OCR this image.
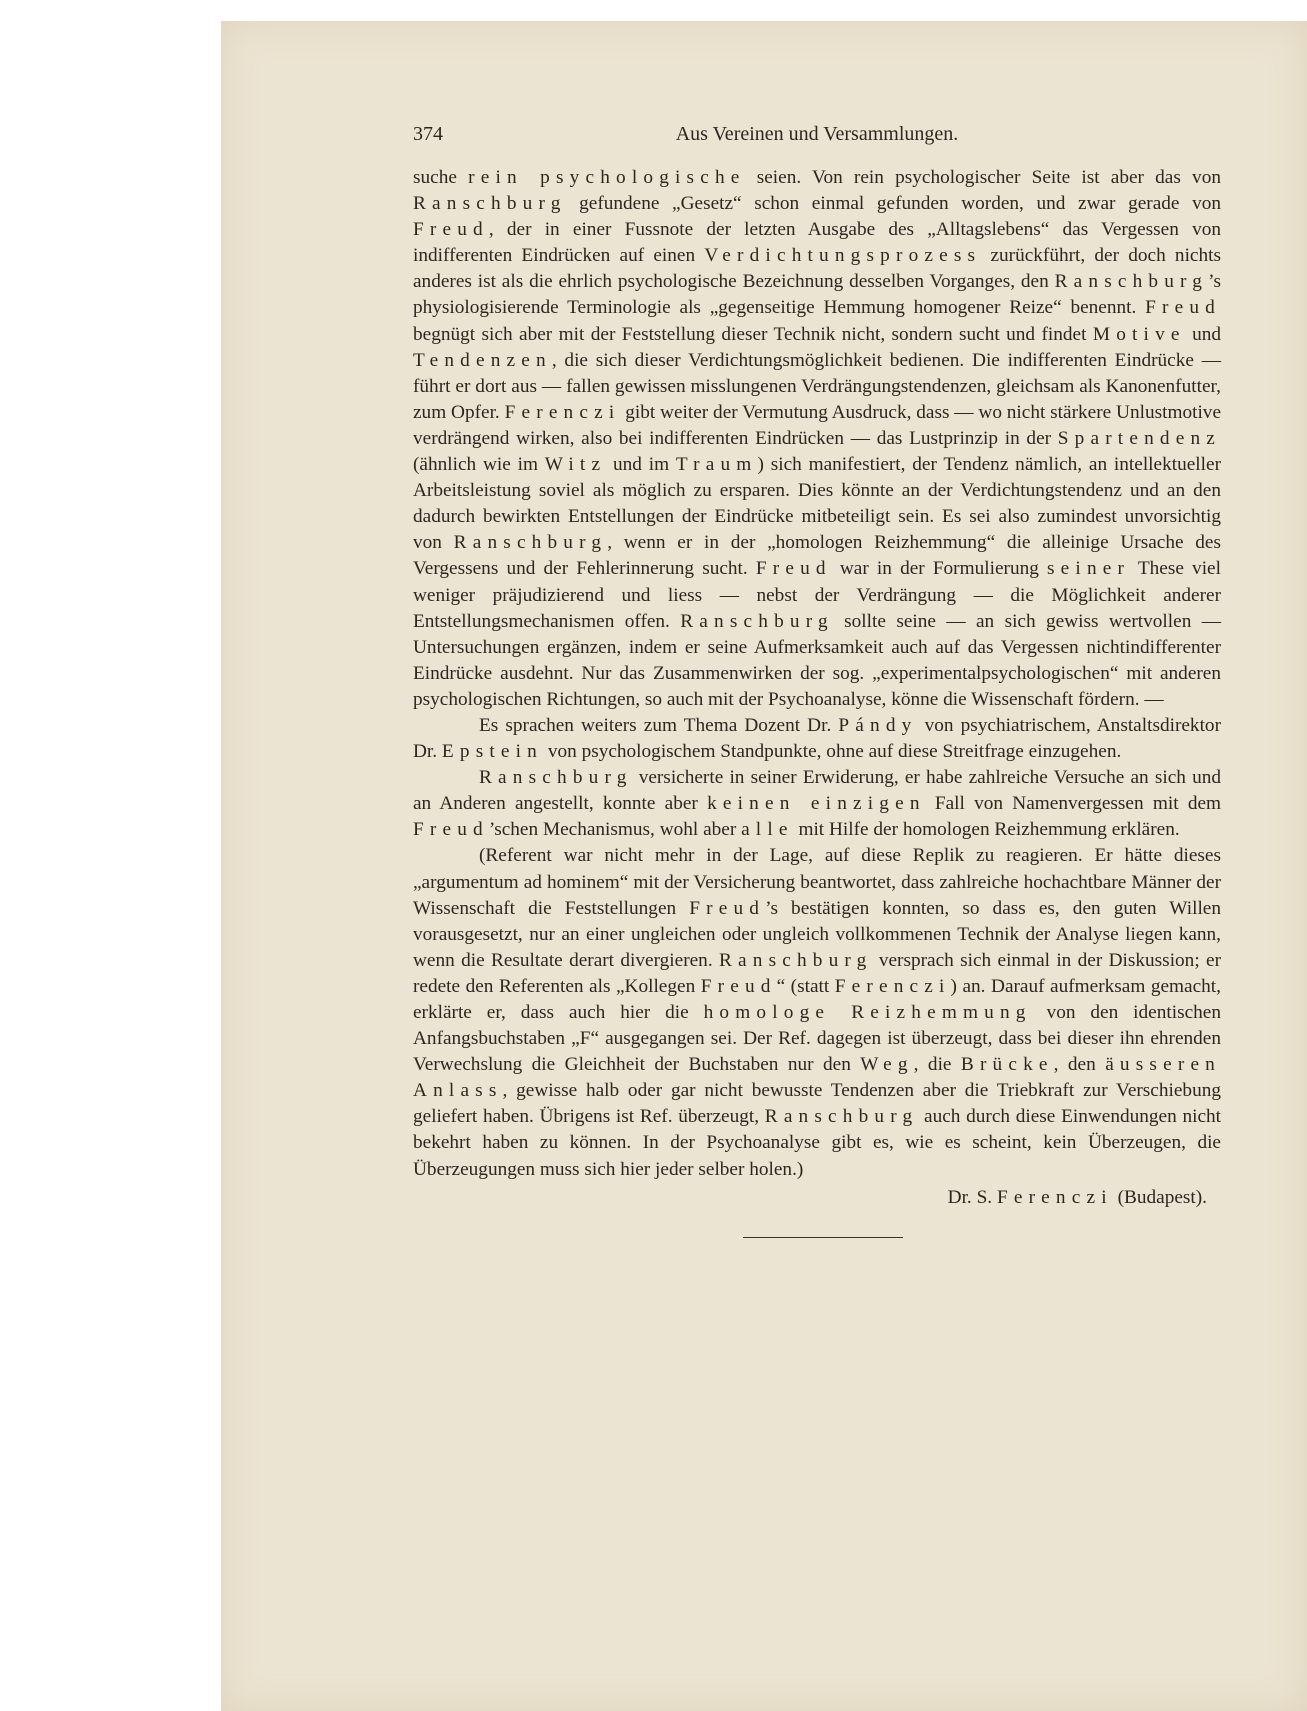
374	Aus Vereinen und Versammlungen.

suche rein psychologische seien. Von rein psychologischer Seite ist aber das von Ranschburg gefundene „Gesetz“ schon einmal gefunden worden, und zwar gerade von Freud, der in einer Fussnote der letzten Ausgabe des „Alltagslebens“ das Vergessen von indifferenten Eindrücken auf einen Verdichtungsprozess zurückführt, der doch nichts anderes ist als die ehrlich psychologische Bezeichnung desselben Vorganges, den Ranschburg’s physiologisierende Terminologie als „gegenseitige Hemmung homogener Reize“ benennt. Freud begnügt sich aber mit der Feststellung dieser Technik nicht, sondern sucht und findet Motive und Tendenzen, die sich dieser Verdichtungsmöglichkeit bedienen. Die indifferenten Eindrücke — führt er dort aus — fallen gewissen misslungenen Verdrängungstendenzen, gleichsam als Kanonenfutter, zum Opfer. Ferenczi gibt weiter der Vermutung Ausdruck, dass — wo nicht stärkere Unlustmotive verdrängend wirken, also bei indifferenten Eindrücken — das Lustprinzip in der Spartendenz (ähnlich wie im Witz und im Traum) sich manifestiert, der Tendenz nämlich, an intellektueller Arbeitsleistung soviel als möglich zu ersparen. Dies könnte an der Verdichtungstendenz und an den dadurch bewirkten Entstellungen der Eindrücke mitbeteiligt sein. Es sei also zumindest unvorsichtig von Ranschburg, wenn er in der „homologen Reizhemmung“ die alleinige Ursache des Vergessens und der Fehlerinnerung sucht. Freud war in der Formulierung seiner These viel weniger präjudizierend und liess — nebst der Verdrängung — die Möglichkeit anderer Entstellungsmechanismen offen. Ranschburg sollte seine — an sich gewiss wertvollen — Untersuchungen ergänzen, indem er seine Aufmerksamkeit auch auf das Vergessen nichtindifferenter Eindrücke ausdehnt. Nur das Zusammenwirken der sog. „experimentalpsychologischen“ mit anderen psychologischen Richtungen, so auch mit der Psychoanalyse, könne die Wissenschaft fördern. —

Es sprachen weiters zum Thema Dozent Dr. Pándy von psychiatrischem, Anstaltsdirektor Dr. Epstein von psychologischem Standpunkte, ohne auf diese Streitfrage einzugehen.

Ranschburg versicherte in seiner Erwiderung, er habe zahlreiche Versuche an sich und an Anderen angestellt, konnte aber keinen einzigen Fall von Namenvergessen mit dem Freud’schen Mechanismus, wohl aber alle mit Hilfe der homologen Reizhemmung erklären.

(Referent war nicht mehr in der Lage, auf diese Replik zu reagieren. Er hätte dieses „argumentum ad hominem“ mit der Versicherung beantwortet, dass zahlreiche hochachtbare Männer der Wissenschaft die Feststellungen Freud’s bestätigen konnten, so dass es, den guten Willen vorausgesetzt, nur an einer ungleichen oder ungleich vollkommenen Technik der Analyse liegen kann, wenn die Resultate derart divergieren. Ranschburg versprach sich einmal in der Diskussion; er redete den Referenten als „Kollegen Freud“ (statt Ferenczi) an. Darauf aufmerksam gemacht, erklärte er, dass auch hier die homologe Reizhemmung von den identischen Anfangsbuchstaben „F“ ausgegangen sei. Der Ref. dagegen ist überzeugt, dass bei dieser ihn ehrenden Verwechslung die Gleichheit der Buchstaben nur den Weg, die Brücke, den äusseren Anlass, gewisse halb oder gar nicht bewusste Tendenzen aber die Triebkraft zur Verschiebung geliefert haben. Übrigens ist Ref. überzeugt, Ranschburg auch durch diese Einwendungen nicht bekehrt haben zu können. In der Psychoanalyse gibt es, wie es scheint, kein Überzeugen, die Überzeugungen muss sich hier jeder selber holen.)

Dr. S. Ferenczi (Budapest).
